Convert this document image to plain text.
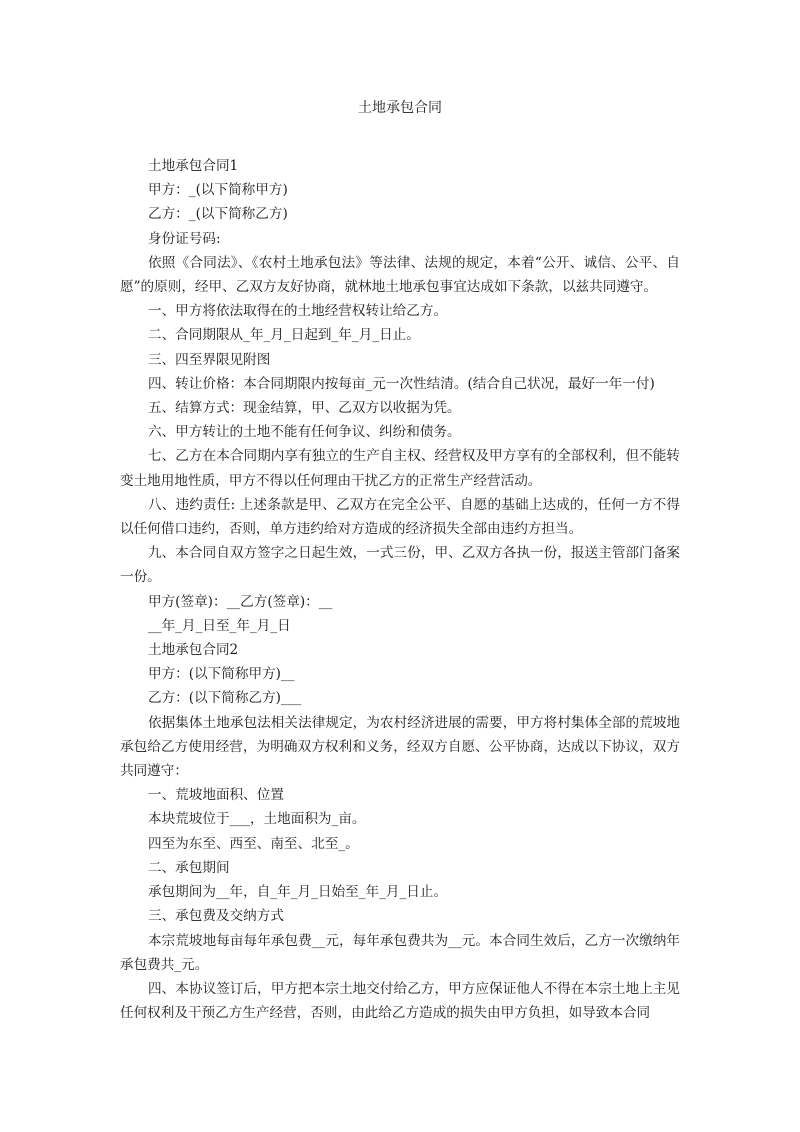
土地承包合同

土地承包合同1

甲方：_(以下简称甲方)

乙方：_(以下简称乙方)

身份证号码:

依照《合同法》、《农村土地承包法》等法律、法规的规定，本着“公开、诚信、公平、自愿”的原则，经甲、乙双方友好协商，就林地土地承包事宜达成如下条款，以兹共同遵守。

一、甲方将依法取得在的土地经营权转让给乙方。

二、合同期限从_年_月_日起到_年_月_日止。

三、四至界限见附图

四、转让价格：本合同期限内按每亩_元一次性结清。(结合自己状况，最好一年一付)

五、结算方式：现金结算，甲、乙双方以收据为凭。

六、甲方转让的土地不能有任何争议、纠纷和债务。

七、乙方在本合同期内享有独立的生产自主权、经营权及甲方享有的全部权利，但不能转变土地用地性质，甲方不得以任何理由干扰乙方的正常生产经营活动。

八、违约责任: 上述条款是甲、乙双方在完全公平、自愿的基础上达成的，任何一方不得以任何借口违约，否则，单方违约给对方造成的经济损失全部由违约方担当。

九、本合同自双方签字之日起生效，一式三份，甲、乙双方各执一份，报送主管部门备案一份。

甲方(签章)：__乙方(签章)：__

__年_月_日至_年_月_日

土地承包合同2

甲方：(以下简称甲方)__

乙方：(以下简称乙方)___

依据集体土地承包法相关法律规定，为农村经济进展的需要，甲方将村集体全部的荒坡地承包给乙方使用经营，为明确双方权利和义务，经双方自愿、公平协商，达成以下协议，双方共同遵守：

一、荒坡地面积、位置

本块荒坡位于___，土地面积为_亩。

四至为东至、西至、南至、北至_。

二、承包期间

承包期间为__年，自_年_月_日始至_年_月_日止。

三、承包费及交纳方式

本宗荒坡地每亩每年承包费__元，每年承包费共为__元。本合同生效后，乙方一次缴纳年承包费共_元。

四、本协议签订后，甲方把本宗土地交付给乙方，甲方应保证他人不得在本宗土地上主见任何权利及干预乙方生产经营，否则，由此给乙方造成的损失由甲方负担，如导致本合同
